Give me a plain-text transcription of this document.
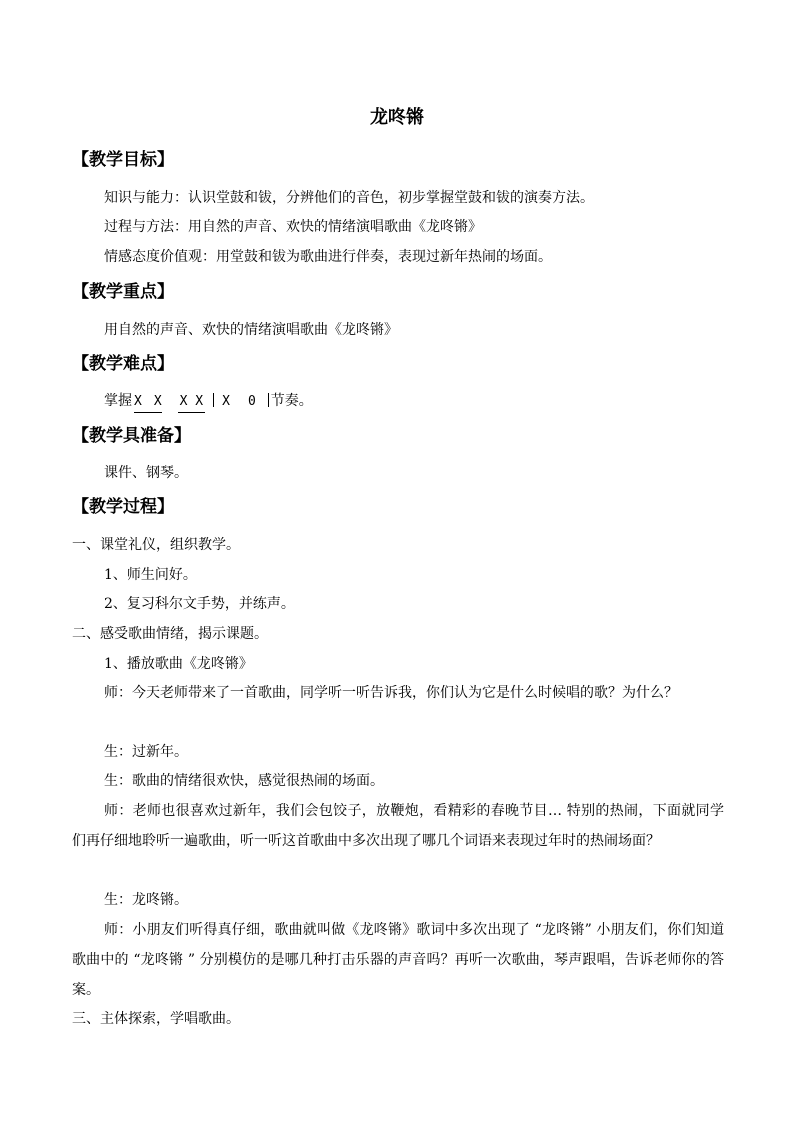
龙咚锵
【教学目标】
知识与能力：认识堂鼓和钹，分辨他们的音色，初步掌握堂鼓和钹的演奏方法。
过程与方法：用自然的声音、欢快的情绪演唱歌曲《龙咚锵》
情感态度价值观：用堂鼓和钹为歌曲进行伴奏，表现过新年热闹的场面。
【教学重点】
用自然的声音、欢快的情绪演唱歌曲《龙咚锵》
【教学难点】
掌握 X X X X X 0 节奏。
【教学具准备】
课件、钢琴。
【教学过程】
一、课堂礼仪，组织教学。
1、师生问好。
2、复习科尔文手势，并练声。
二、感受歌曲情绪，揭示课题。
1、播放歌曲《龙咚锵》
师：今天老师带来了一首歌曲，同学听一听告诉我，你们认为它是什么时候唱的歌？为什么？
生：过新年。
生：歌曲的情绪很欢快，感觉很热闹的场面。
师：老师也很喜欢过新年，我们会包饺子，放鞭炮，看精彩的春晚节目… 特别的热闹，下面就同学们再仔细地聆听一遍歌曲，听一听这首歌曲中多次出现了哪几个词语来表现过年时的热闹场面？
生：龙咚锵。
师：小朋友们听得真仔细，歌曲就叫做《龙咚锵》歌词中多次出现了 “龙咚锵” 小朋友们，你们知道歌曲中的 “龙咚锵 ” 分别模仿的是哪几种打击乐器的声音吗？再听一次歌曲，琴声跟唱，告诉老师你的答案。
三、主体探索，学唱歌曲。
